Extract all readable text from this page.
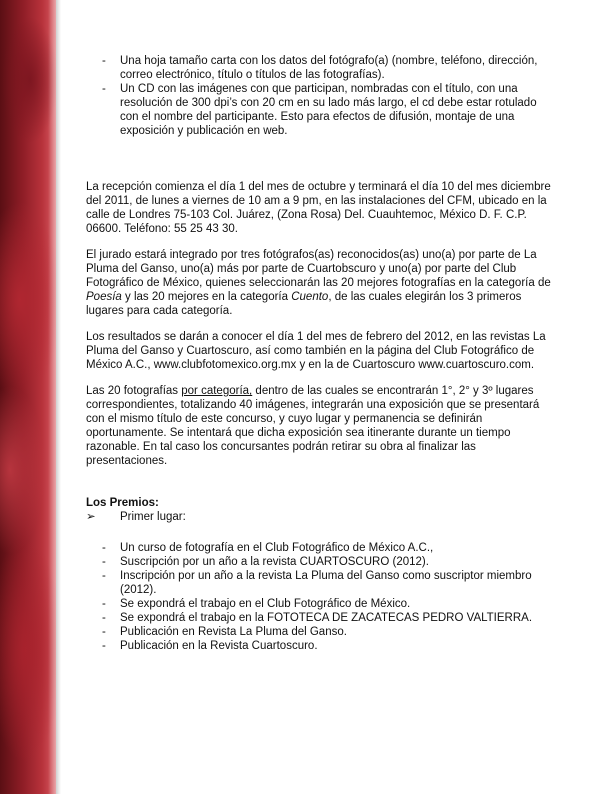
- Una hoja tamaño carta con los datos del fotógrafo(a) (nombre, teléfono, dirección, correo electrónico, título o títulos de las fotografías).
- Un CD con las imágenes con que participan, nombradas con el título, con una resolución de 300 dpi’s con 20 cm en su lado más largo, el cd debe estar rotulado con el nombre del participante. Esto para efectos de difusión, montaje de una exposición y publicación en web.

La recepción comienza el día 1 del mes de octubre y terminará el día 10 del mes diciembre del 2011, de lunes a viernes de 10 am a 9 pm, en las instalaciones del CFM, ubicado en la calle de Londres 75-103 Col. Juárez, (Zona Rosa) Del. Cuauhtemoc, México D. F. C.P. 06600. Teléfono: 55 25 43 30.

El jurado estará integrado por tres fotógrafos(as) reconocidos(as) uno(a) por parte de La Pluma del Ganso, uno(a) más por parte de Cuartobscuro y uno(a) por parte del Club Fotográfico de México, quienes seleccionarán las 20 mejores fotografías en la categoría de Poesía y las 20 mejores en la categoría Cuento, de las cuales elegirán los 3 primeros lugares para cada categoría.

Los resultados se darán a conocer el día 1 del mes de febrero del 2012, en las revistas La Pluma del Ganso y Cuartoscuro, así como también en la página del Club Fotográfico de México A.C., www.clubfotomexico.org.mx y en la de Cuartoscuro www.cuartoscuro.com.

Las 20 fotografías por categoría, dentro de las cuales se encontrarán 1°, 2° y 3º lugares correspondientes, totalizando 40 imágenes, integrarán una exposición que se presentará con el mismo título de este concurso, y cuyo lugar y permanencia se definirán oportunamente. Se intentará que dicha exposición sea itinerante durante un tiempo razonable. En tal caso los concursantes podrán retirar su obra al finalizar las presentaciones.

Los Premios:

➢ Primer lugar:

- Un curso de fotografía en el Club Fotográfico de México A.C.,
- Suscripción por un año a la revista CUARTOSCURO (2012).
- Inscripción por un año a la revista La Pluma del Ganso como suscriptor miembro (2012).
- Se expondrá el trabajo en el Club Fotográfico de México.
- Se expondrá el trabajo en la FOTOTECA DE ZACATECAS PEDRO VALTIERRA.
- Publicación en Revista La Pluma del Ganso.
- Publicación en la Revista Cuartoscuro.
